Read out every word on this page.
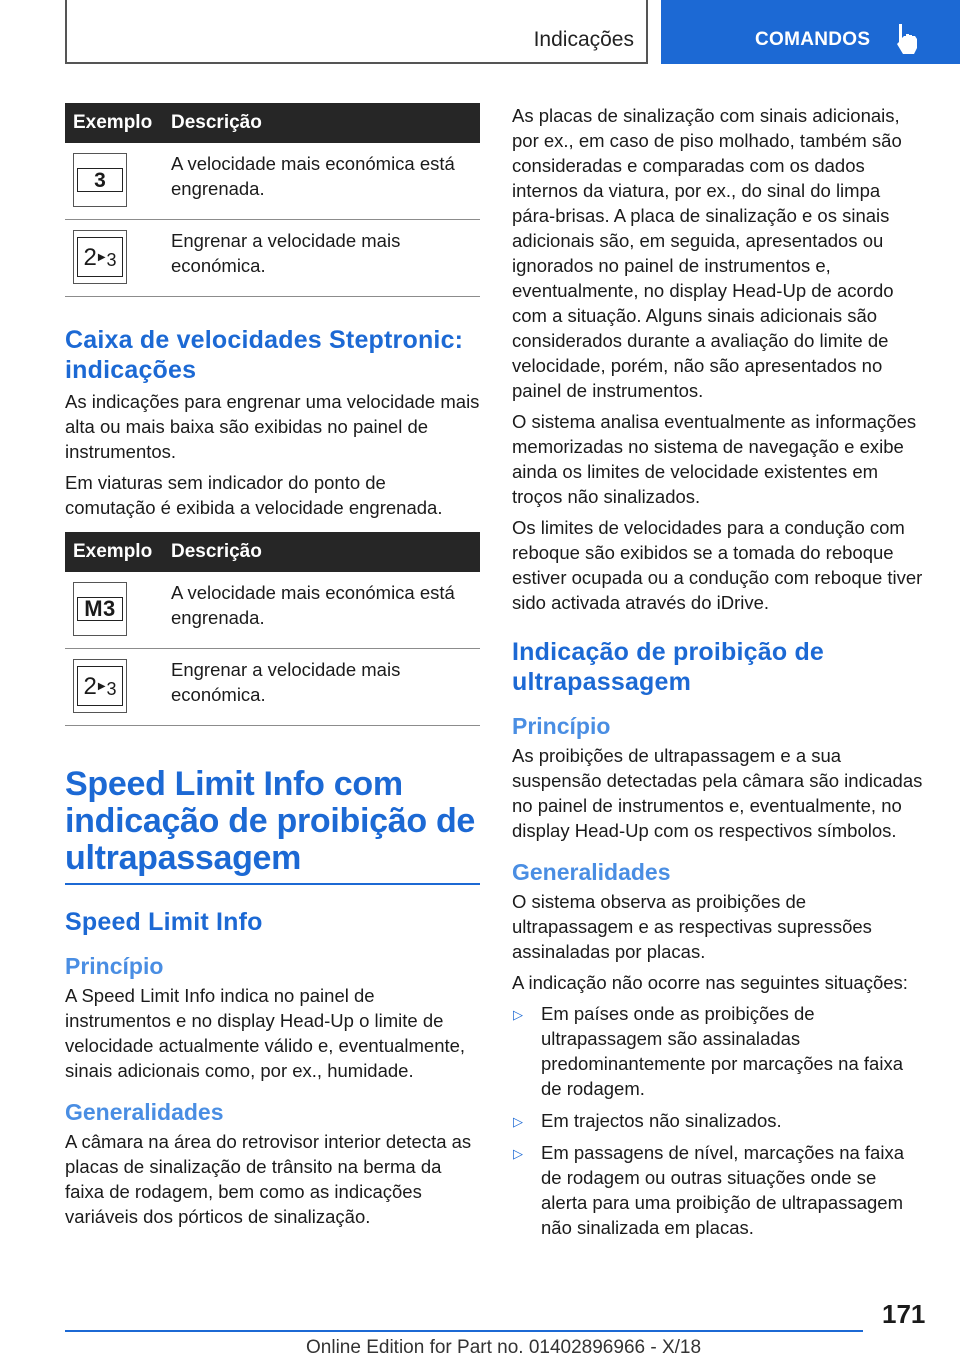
Indicações	COMANDOS
Exemplo	Descrição

3	A velocidade mais económica está engrenada.

2 ▶ 3	Engrenar a velocidade mais económica.
Caixa de velocidades Steptronic: indicações

As indicações para engrenar uma velocidade mais alta ou mais baixa são exibidas no painel de instrumentos.

Em viaturas sem indicador do ponto de comutação é exibida a velocidade engrenada.

Exemplo	Descrição

M3	A velocidade mais económica está engrenada.

2 ▶ 3	Engrenar a velocidade mais económica.
Speed Limit Info com indicação de proibição de ultrapassagem
Speed Limit Info
Princípio

A Speed Limit Info indica no painel de instrumentos e no display Head-Up o limite de velocidade actualmente válido e, eventualmente, sinais adicionais como, por ex., humidade.

Generalidades

A câmara na área do retrovisor interior detecta as placas de sinalização de trânsito na berma da faixa de rodagem, bem como as indicações variáveis dos pórticos de sinalização.

As placas de sinalização com sinais adicionais, por ex., em caso de piso molhado, também são consideradas e comparadas com os dados internos da viatura, por ex., do sinal do limpa pára-brisas. A placa de sinalização e os sinais adicionais são, em seguida, apresentados ou ignorados no painel de instrumentos e, eventualmente, no display Head-Up de acordo com a situação. Alguns sinais adicionais são considerados durante a avaliação do limite de velocidade, porém, não são apresentados no painel de instrumentos.

O sistema analisa eventualmente as informações memorizadas no sistema de navegação e exibe ainda os limites de velocidade existentes em troços não sinalizados.

Os limites de velocidades para a condução com reboque são exibidos se a tomada do reboque estiver ocupada ou a condução com reboque tiver sido activada através do iDrive.

Indicação de proibição de ultrapassagem
Princípio

As proibições de ultrapassagem e a sua suspensão detectadas pela câmara são indicadas no painel de instrumentos e, eventualmente, no display Head-Up com os respectivos símbolos.

Generalidades

O sistema observa as proibições de ultrapassagem e as respectivas supressões assinaladas por placas.

A indicação não ocorre nas seguintes situações:

▷ Em países onde as proibições de ultrapassagem são assinaladas predominantemente por marcações na faixa de rodagem.
▷ Em trajectos não sinalizados.
▷ Em passagens de nível, marcações na faixa de rodagem ou outras situações onde se alerta para uma proibição de ultrapassagem não sinalizada em placas.
171
Online Edition for Part no. 01402896966 - X/18
